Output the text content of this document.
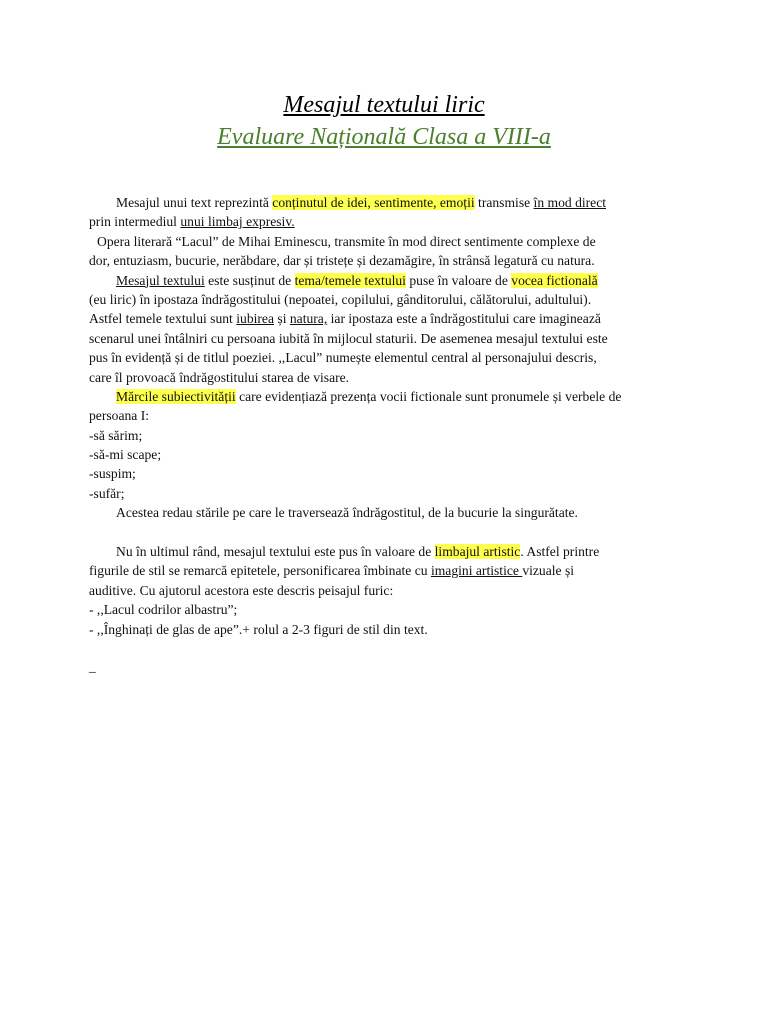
Mesajul textului liric
Evaluare Națională Clasa a VIII-a
Mesajul unui text reprezintă conținutul de idei, sentimente, emoții transmise în mod direct
prin intermediul unui limbaj expresiv.
Opera literară “Lacul” de Mihai Eminescu, transmite în mod direct sentimente complexe de
dor, entuziasm, bucurie, nerăbdare, dar și tristețe și dezamăgire, în strânsă legatură cu natura.
Mesajul textului este susținut de tema/temele textului puse în valoare de vocea fictională
(eu liric) în ipostaza îndrăgostitului (nepoatei, copilului, gânditorului, călătorului, adultului).
Astfel temele textului sunt iubirea și natura, iar ipostaza este a îndrăgostitului care imaginează
scenarul unei întâlniri cu persoana iubită în mijlocul staturii. De asemenea mesajul textului este
pus în evidență și de titlul poeziei. ,,Lacul” numește elementul central al personajului descris,
care îl provoacă îndrăgostitului starea de visare.
Mărcile subiectivității care evidențiază prezența vocii fictionale sunt pronumele și verbele de
persoana I:
-să sărim;
-să-mi scape;
-suspim;
-sufăr;
Acestea redau stările pe care le traversează îndrăgostitul, de la bucurie la singurătate.
Nu în ultimul rând, mesajul textului este pus în valoare de limbajul artistic. Astfel printre
figurile de stil se remarcă epitetele, personificarea îmbinate cu imagini artistice vizuale și
auditive. Cu ajutorul acestora este descris peisajul furic:
- ,,Lacul codrilor albastru”;
- ,,Înghinați de glas de ape”.+ rolul a 2-3 figuri de stil din text.
_
